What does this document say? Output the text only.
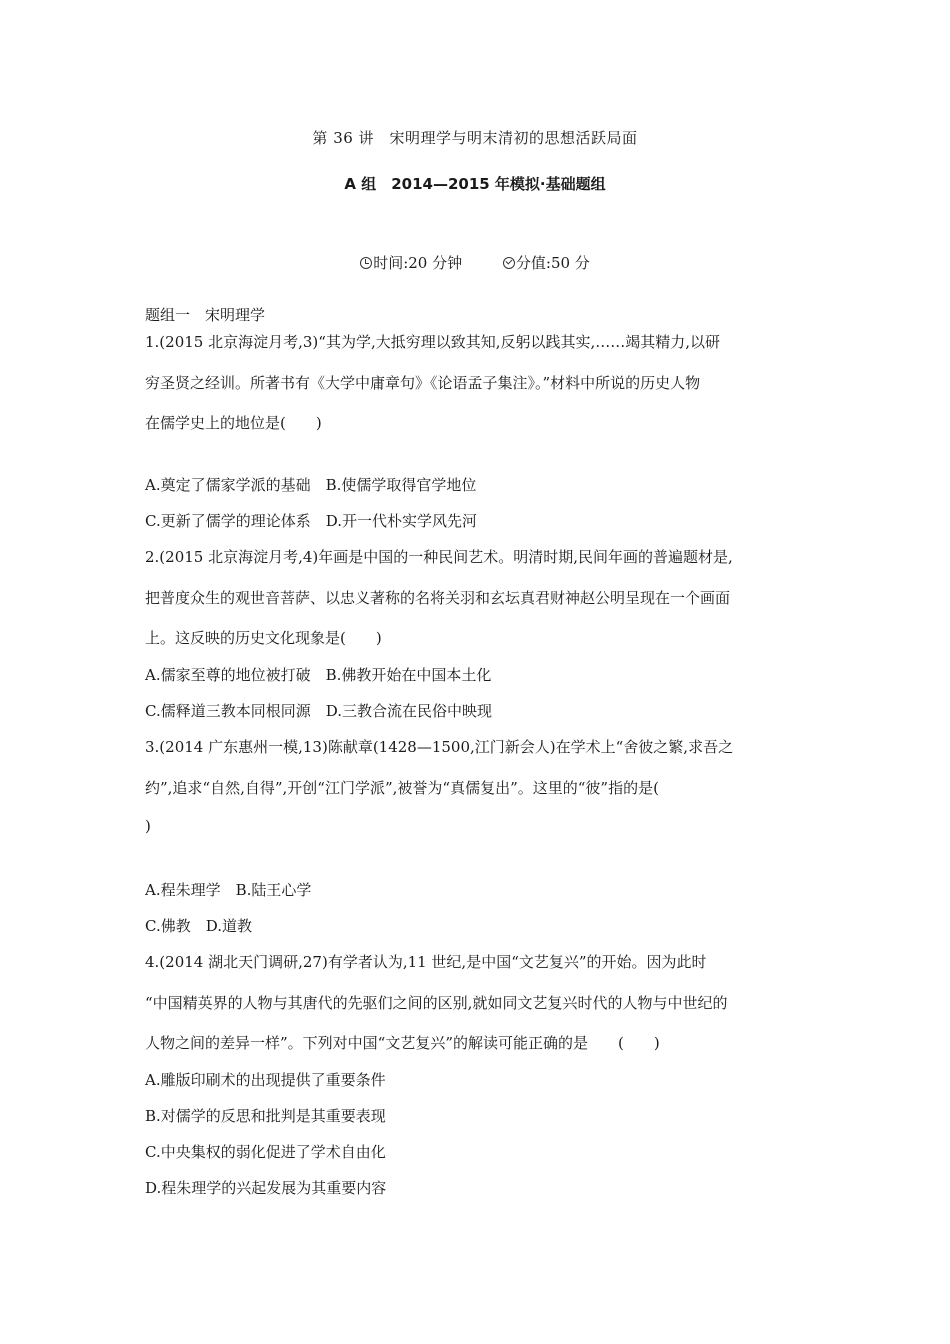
第 36 讲　宋明理学与明末清初的思想活跃局面
A 组　2014—2015 年模拟·基础题组
时间:20 分钟	分值:50 分
题组一　宋明理学
1.(2015 北京海淀月考,3)“其为学,大抵穷理以致其知,反躬以践其实,……竭其精力,以研
穷圣贤之经训。所著书有《大学中庸章句》《论语孟子集注》。”材料中所说的历史人物
在儒学史上的地位是(　　)
A.奠定了儒家学派的基础　B.使儒学取得官学地位
C.更新了儒学的理论体系　D.开一代朴实学风先河
2.(2015 北京海淀月考,4)年画是中国的一种民间艺术。明清时期,民间年画的普遍题材是,
把普度众生的观世音菩萨、以忠义著称的名将关羽和玄坛真君财神赵公明呈现在一个画面
上。这反映的历史文化现象是(　　)
A.儒家至尊的地位被打破　B.佛教开始在中国本土化
C.儒释道三教本同根同源　D.三教合流在民俗中映现
3.(2014 广东惠州一模,13)陈献章(1428—1500,江门新会人)在学术上“舍彼之繁,求吾之
约”,追求“自然,自得”,开创“江门学派”,被誉为“真儒复出”。这里的“彼”指的是(
)
A.程朱理学　B.陆王心学
C.佛教　D.道教
4.(2014 湖北天门调研,27)有学者认为,11 世纪,是中国“文艺复兴”的开始。因为此时
“中国精英界的人物与其唐代的先驱们之间的区别,就如同文艺复兴时代的人物与中世纪的
人物之间的差异一样”。下列对中国“文艺复兴”的解读可能正确的是　　(　　)
A.雕版印刷术的出现提供了重要条件
B.对儒学的反思和批判是其重要表现
C.中央集权的弱化促进了学术自由化
D.程朱理学的兴起发展为其重要内容
